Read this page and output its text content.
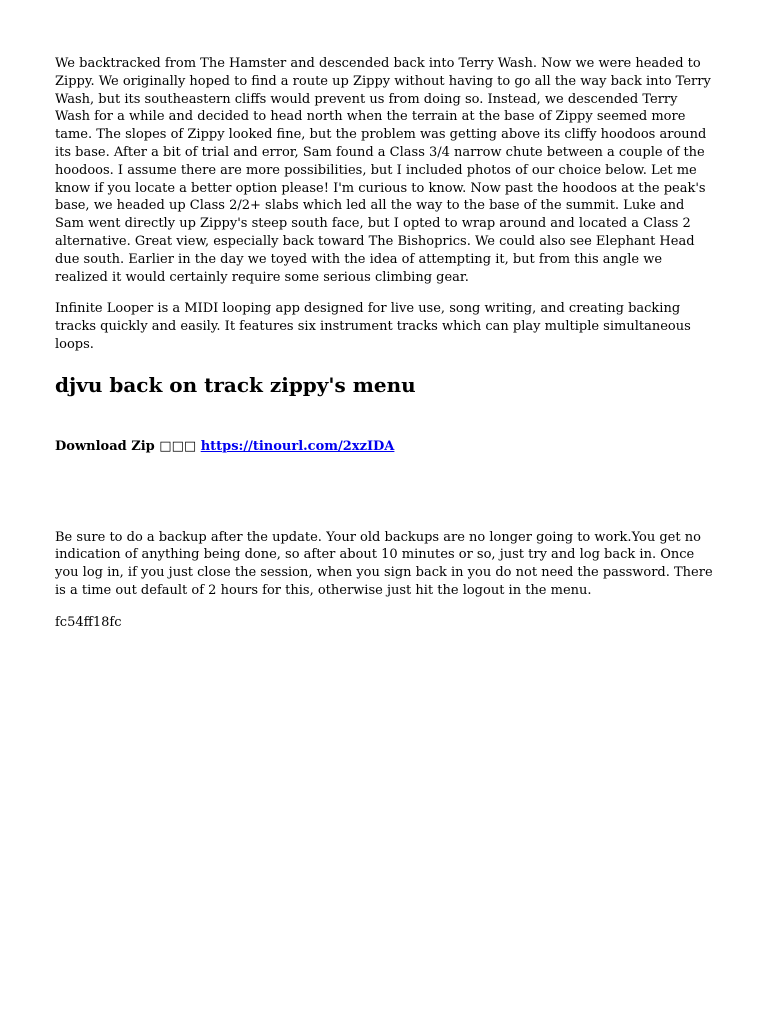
We backtracked from The Hamster and descended back into Terry Wash. Now we were headed to Zippy. We originally hoped to find a route up Zippy without having to go all the way back into Terry Wash, but its southeastern cliffs would prevent us from doing so. Instead, we descended Terry Wash for a while and decided to head north when the terrain at the base of Zippy seemed more tame. The slopes of Zippy looked fine, but the problem was getting above its cliffy hoodoos around its base. After a bit of trial and error, Sam found a Class 3/4 narrow chute between a couple of the hoodoos. I assume there are more possibilities, but I included photos of our choice below. Let me know if you locate a better option please! I'm curious to know. Now past the hoodoos at the peak's base, we headed up Class 2/2+ slabs which led all the way to the base of the summit. Luke and Sam went directly up Zippy's steep south face, but I opted to wrap around and located a Class 2 alternative. Great view, especially back toward The Bishoprics. We could also see Elephant Head due south. Earlier in the day we toyed with the idea of attempting it, but from this angle we realized it would certainly require some serious climbing gear.

Infinite Looper is a MIDI looping app designed for live use, song writing, and creating backing tracks quickly and easily. It features six instrument tracks which can play multiple simultaneous loops.

djvu back on track zippy's menu
Download Zip □□□ https://tinourl.com/2xzIDA

Be sure to do a backup after the update. Your old backups are no longer going to work.You get no indication of anything being done, so after about 10 minutes or so, just try and log back in. Once you log in, if you just close the session, when you sign back in you do not need the password. There is a time out default of 2 hours for this, otherwise just hit the logout in the menu.

fc54ff18fc
